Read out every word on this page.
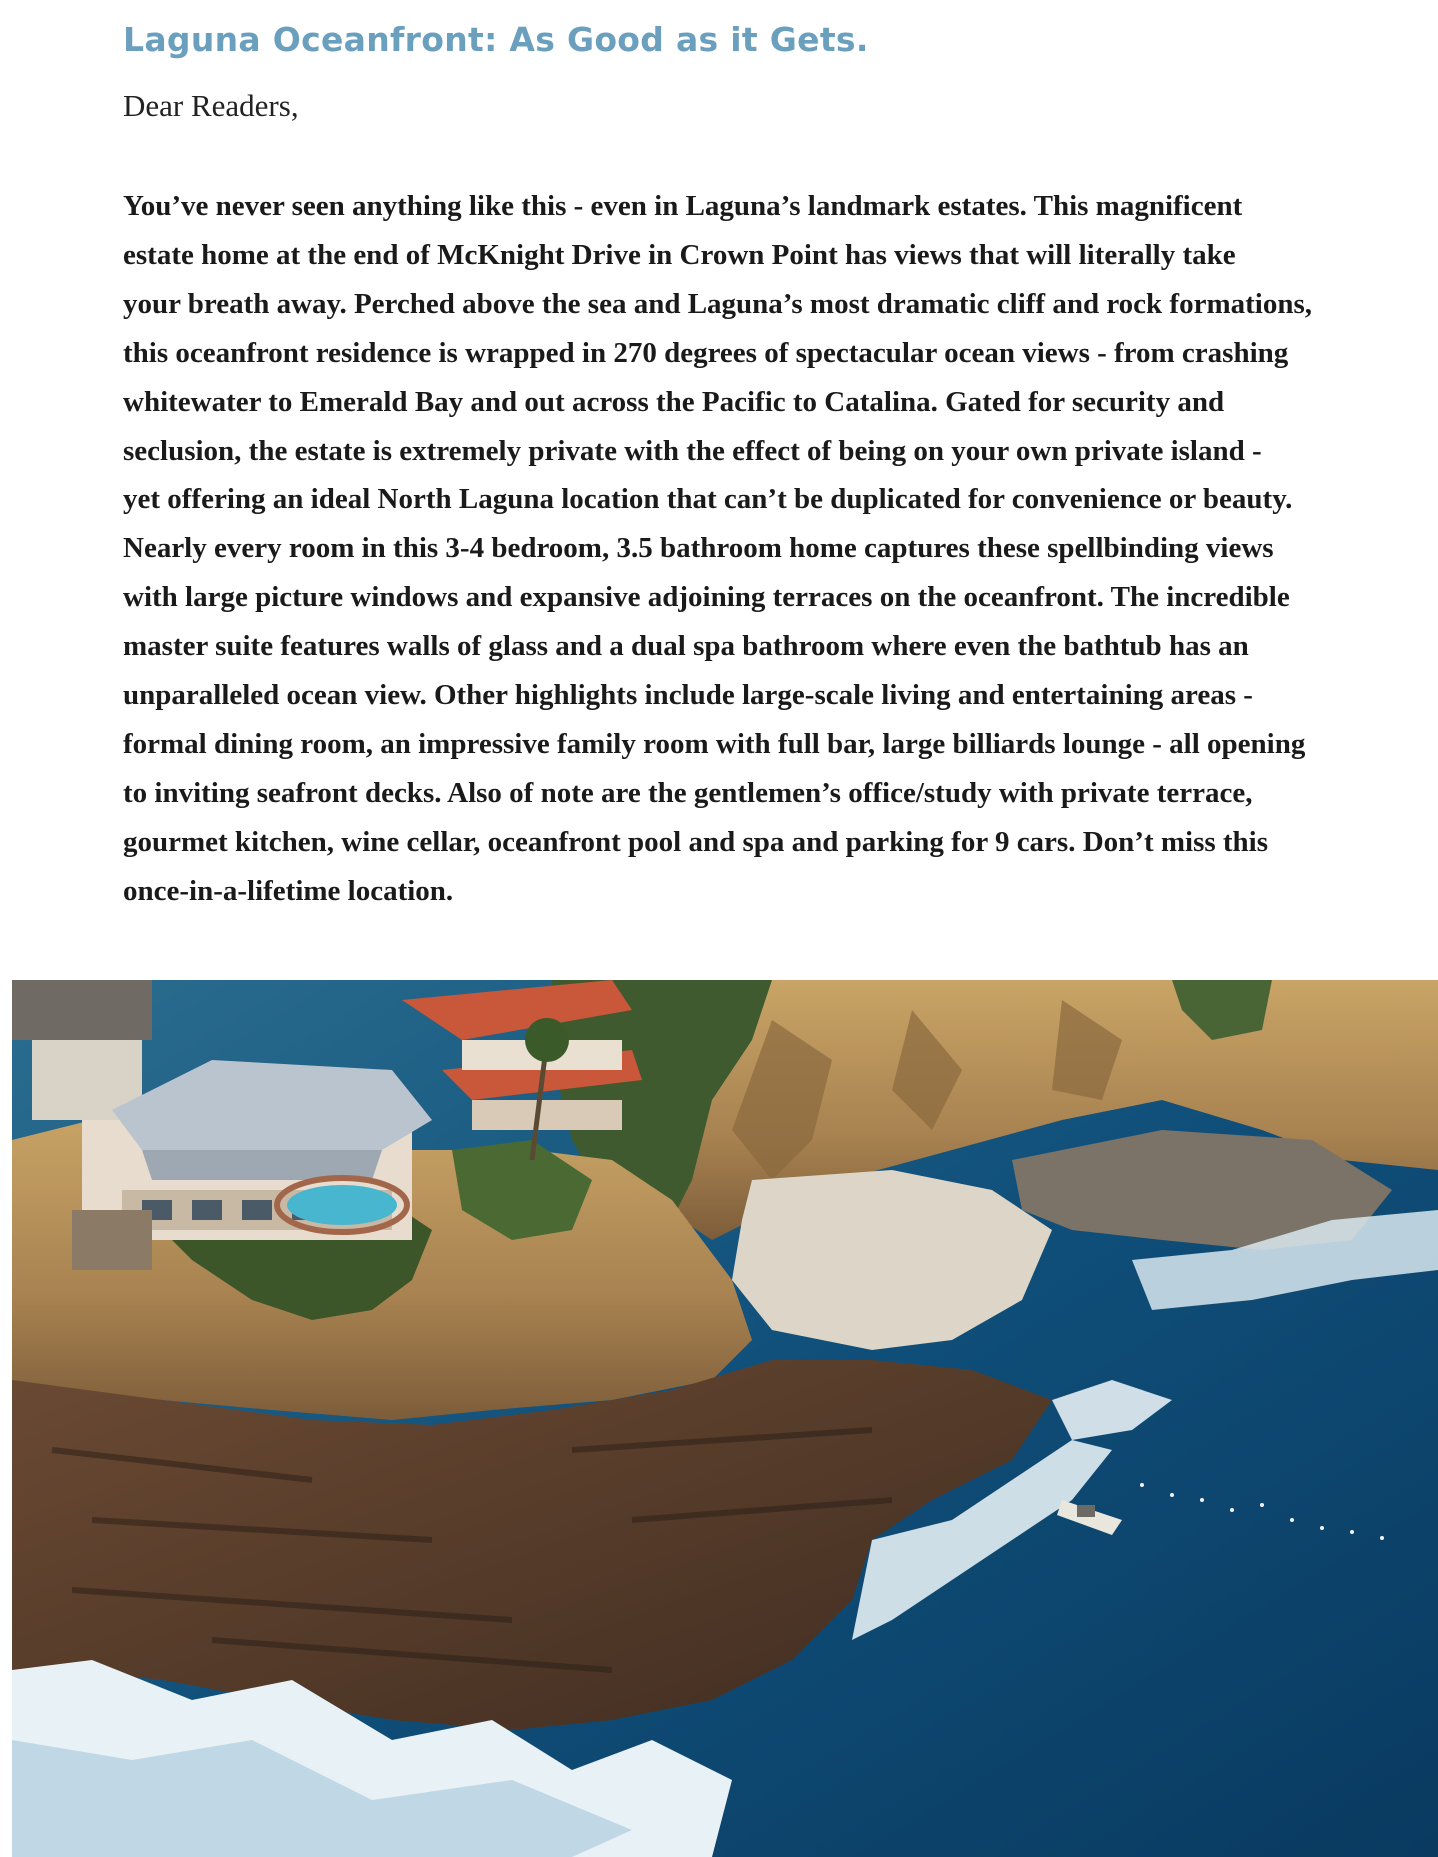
Laguna Oceanfront: As Good as it Gets.

Dear Readers,

You’ve never seen anything like this - even in Laguna’s landmark estates. This magnificent
estate home at the end of McKnight Drive in Crown Point has views that will literally take
your breath away. Perched above the sea and Laguna’s most dramatic cliff and rock formations,
this oceanfront residence is wrapped in 270 degrees of spectacular ocean views - from crashing
whitewater to Emerald Bay and out across the Pacific to Catalina. Gated for security and
seclusion, the estate is extremely private with the effect of being on your own private island -
yet offering an ideal North Laguna location that can’t be duplicated for convenience or beauty.
Nearly every room in this 3-4 bedroom, 3.5 bathroom home captures these spellbinding views
with large picture windows and expansive adjoining terraces on the oceanfront. The incredible
master suite features walls of glass and a dual spa bathroom where even the bathtub has an
unparalleled ocean view. Other highlights include large-scale living and entertaining areas -
formal dining room, an impressive family room with full bar, large billiards lounge - all opening
to inviting seafront decks. Also of note are the gentlemen’s office/study with private terrace,
gourmet kitchen, wine cellar, oceanfront pool and spa and parking for 9 cars. Don’t miss this
once-in-a-lifetime location.
